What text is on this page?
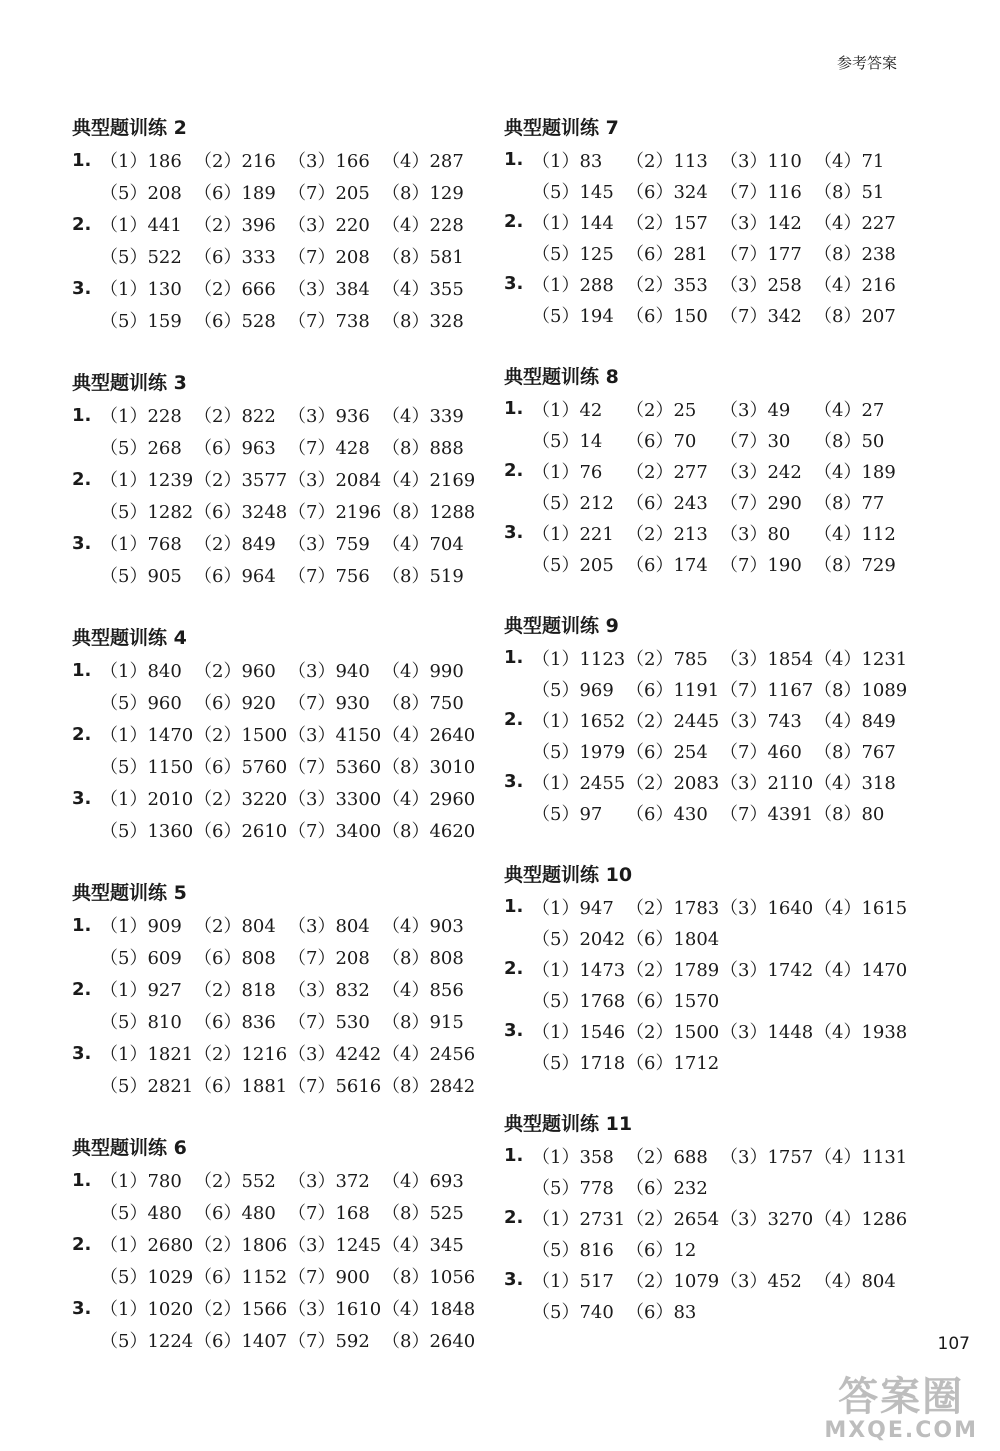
参考答案
典型题训练 2
1. （1）186 （2）216 （3）166 （4）287
（5）208 （6）189 （7）205 （8）129
2. （1）441 （2）396 （3）220 （4）228
（5）522 （6）333 （7）208 （8）581
3. （1）130 （2）666 （3）384 （4）355
（5）159 （6）528 （7）738 （8）328
典型题训练 3
1. （1）228 （2）822 （3）936 （4）339
（5）268 （6）963 （7）428 （8）888
2. （1）1239 （2）3577 （3）2084 （4）2169
（5）1282 （6）3248 （7）2196 （8）1288
3. （1）768 （2）849 （3）759 （4）704
（5）905 （6）964 （7）756 （8）519
典型题训练 4
1. （1）840 （2）960 （3）940 （4）990
（5）960 （6）920 （7）930 （8）750
2. （1）1470 （2）1500 （3）4150 （4）2640
（5）1150 （6）5760 （7）5360 （8）3010
3. （1）2010 （2）3220 （3）3300 （4）2960
（5）1360 （6）2610 （7）3400 （8）4620
典型题训练 5
1. （1）909 （2）804 （3）804 （4）903
（5）609 （6）808 （7）208 （8）808
2. （1）927 （2）818 （3）832 （4）856
（5）810 （6）836 （7）530 （8）915
3. （1）1821 （2）1216 （3）4242 （4）2456
（5）2821 （6）1881 （7）5616 （8）2842
典型题训练 6
1. （1）780 （2）552 （3）372 （4）693
（5）480 （6）480 （7）168 （8）525
2. （1）2680 （2）1806 （3）1245 （4）345
（5）1029 （6）1152 （7）900 （8）1056
3. （1）1020 （2）1566 （3）1610 （4）1848
（5）1224 （6）1407 （7）592 （8）2640
典型题训练 7
1. （1）83	（2）113 （3）110 （4）71
（5）145 （6）324 （7）116 （8）51
2. （1）144 （2）157 （3）142 （4）227
（5）125 （6）281 （7）177 （8）238
3. （1）288 （2）353 （3）258 （4）216
（5）194 （6）150 （7）342 （8）207
典型题训练 8
1. （1）42	（2）25	（3）49	（4）27
（5）14	（6）70	（7）30	（8）50
2. （1）76	（2）277 （3）242 （4）189
（5）212 （6）243 （7）290 （8）77
3. （1）221 （2）213 （3）80	（4）112
（5）205 （6）174 （7）190 （8）729
典型题训练 9
1. （1）1123 （2）785 （3）1854 （4）1231
（5）969 （6）1191 （7）1167 （8）1089
2. （1）1652 （2）2445 （3）743 （4）849
（5）1979 （6）254 （7）460 （8）767
3. （1）2455 （2）2083 （3）2110 （4）318
（5）97	（6）430 （7）4391 （8）80
典型题训练 10
1. （1）947 （2）1783 （3）1640 （4）1615
（5）2042 （6）1804
2. （1）1473 （2）1789 （3）1742 （4）1470
（5）1768 （6）1570
3. （1）1546 （2）1500 （3）1448 （4）1938
（5）1718 （6）1712
典型题训练 11
1. （1）358 （2）688 （3）1757 （4）1131
（5）778 （6）232
2. （1）2731 （2）2654 （3）3270 （4）1286
（5）816 （6）12
3. （1）517 （2）1079 （3）452 （4）804
（5）740 （6）83
107
答案圈
MXQE.COM
